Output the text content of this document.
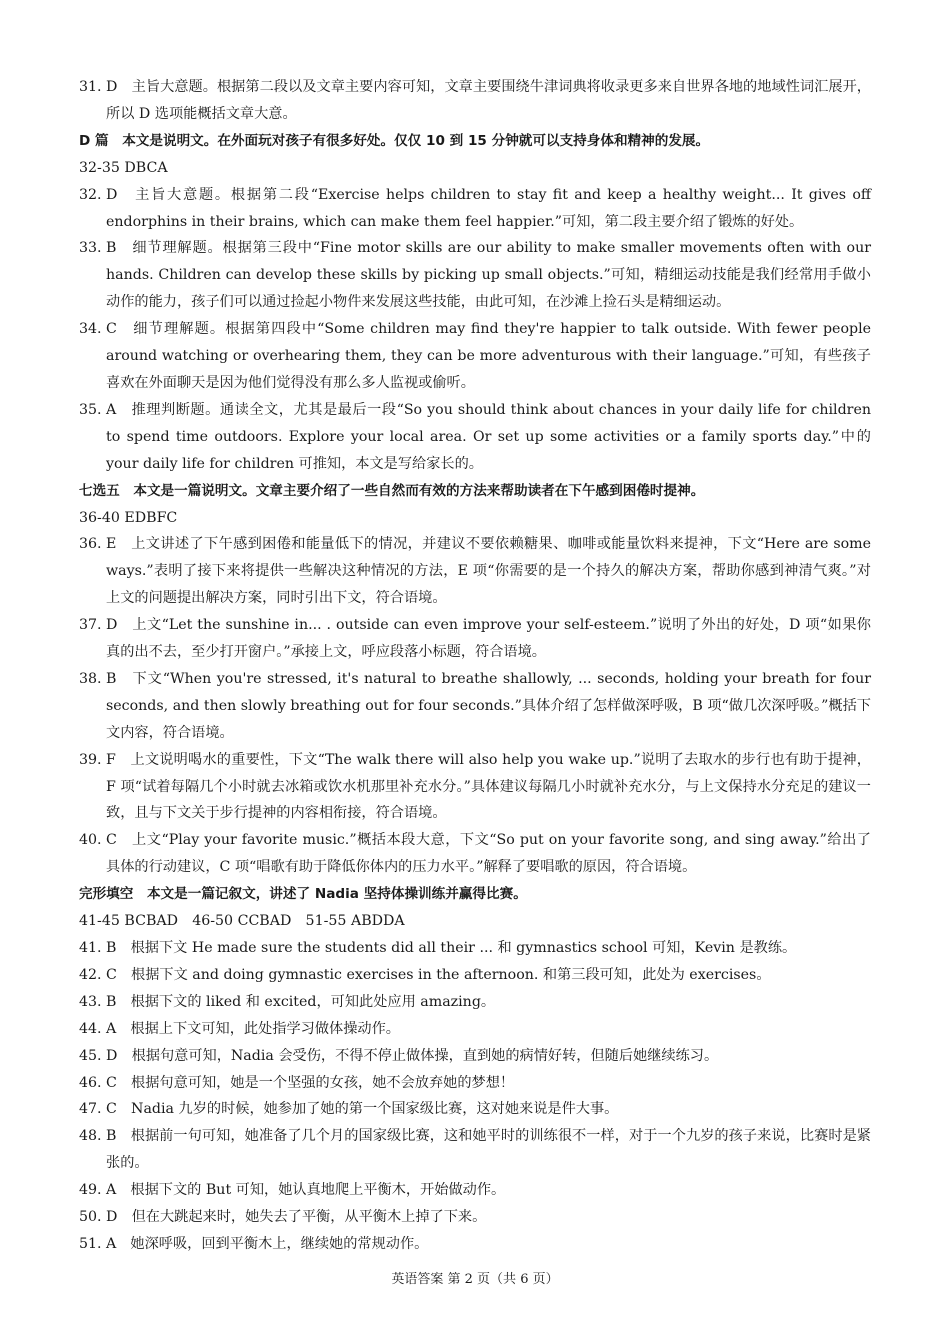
31. D　主旨大意题。根据第二段以及文章主要内容可知，文章主要围绕牛津词典将收录更多来自世界各地的地域性词汇展开，所以 D 选项能概括文章大意。
D 篇　本文是说明文。在外面玩对孩子有很多好处。仅仅 10 到 15 分钟就可以支持身体和精神的发展。
32-35 DBCA
32. D　主旨大意题。根据第二段“Exercise helps children to stay fit and keep a healthy weight... It gives off endorphins in their brains, which can make them feel happier.”可知，第二段主要介绍了锻炼的好处。
33. B　细节理解题。根据第三段中“Fine motor skills are our ability to make smaller movements often with our hands. Children can develop these skills by picking up small objects.”可知，精细运动技能是我们经常用手做小动作的能力，孩子们可以通过捡起小物件来发展这些技能，由此可知，在沙滩上捡石头是精细运动。
34. C　细节理解题。根据第四段中“Some children may find they're happier to talk outside. With fewer people around watching or overhearing them, they can be more adventurous with their language.”可知，有些孩子喜欢在外面聊天是因为他们觉得没有那么多人监视或偷听。
35. A　推理判断题。通读全文，尤其是最后一段“So you should think about chances in your daily life for children to spend time outdoors. Explore your local area. Or set up some activities or a family sports day.”中的 your daily life for children 可推知，本文是写给家长的。
七选五　本文是一篇说明文。文章主要介绍了一些自然而有效的方法来帮助读者在下午感到困倦时提神。
36-40 EDBFC
36. E　上文讲述了下午感到困倦和能量低下的情况，并建议不要依赖糖果、咖啡或能量饮料来提神，下文“Here are some ways.”表明了接下来将提供一些解决这种情况的方法，E 项“你需要的是一个持久的解决方案，帮助你感到神清气爽。”对上文的问题提出解决方案，同时引出下文，符合语境。
37. D　上文“Let the sunshine in... . outside can even improve your self-esteem.”说明了外出的好处，D 项“如果你真的出不去，至少打开窗户。”承接上文，呼应段落小标题，符合语境。
38. B　下文“When you're stressed, it's natural to breathe shallowly, ... seconds, holding your breath for four seconds, and then slowly breathing out for four seconds.”具体介绍了怎样做深呼吸，B 项“做几次深呼吸。”概括下文内容，符合语境。
39. F　上文说明喝水的重要性，下文“The walk there will also help you wake up.”说明了去取水的步行也有助于提神，F 项“试着每隔几个小时就去冰箱或饮水机那里补充水分。”具体建议每隔几小时就补充水分，与上文保持水分充足的建议一致，且与下文关于步行提神的内容相衔接，符合语境。
40. C　上文“Play your favorite music.”概括本段大意，下文“So put on your favorite song, and sing away.”给出了具体的行动建议，C 项“唱歌有助于降低你体内的压力水平。”解释了要唱歌的原因，符合语境。
完形填空　本文是一篇记叙文，讲述了 Nadia 坚持体操训练并赢得比赛。
41-45 BCBAD　46-50 CCBAD　51-55 ABDDA
41. B　根据下文 He made sure the students did all their ... 和 gymnastics school 可知，Kevin 是教练。
42. C　根据下文 and doing gymnastic exercises in the afternoon. 和第三段可知，此处为 exercises。
43. B　根据下文的 liked 和 excited，可知此处应用 amazing。
44. A　根据上下文可知，此处指学习做体操动作。
45. D　根据句意可知，Nadia 会受伤，不得不停止做体操，直到她的病情好转，但随后她继续练习。
46. C　根据句意可知，她是一个坚强的女孩，她不会放弃她的梦想！
47. C　Nadia 九岁的时候，她参加了她的第一个国家级比赛，这对她来说是件大事。
48. B　根据前一句可知，她准备了几个月的国家级比赛，这和她平时的训练很不一样，对于一个九岁的孩子来说，比赛时是紧张的。
49. A　根据下文的 But 可知，她认真地爬上平衡木，开始做动作。
50. D　但在大跳起来时，她失去了平衡，从平衡木上掉了下来。
51. A　她深呼吸，回到平衡木上，继续她的常规动作。
英语答案 第 2 页（共 6 页）
